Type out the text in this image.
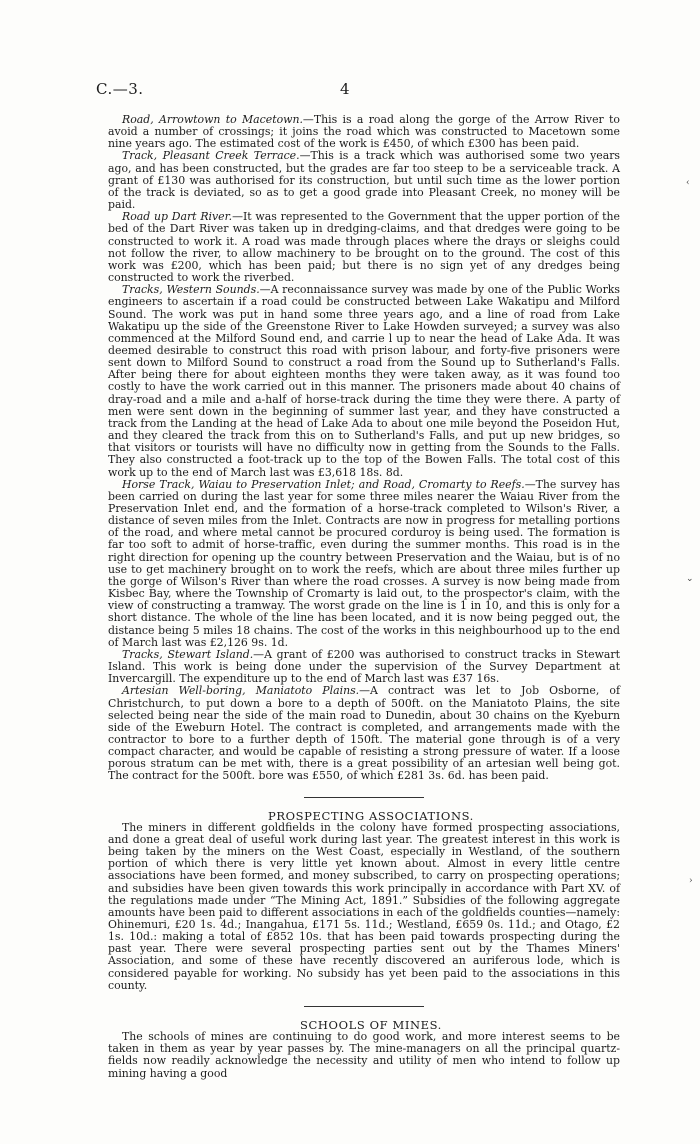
C.—3.	4

Road, Arrowtown to Macetown.—This is a road along the gorge of the Arrow River to avoid a number of crossings; it joins the road which was constructed to Macetown some nine years ago. The estimated cost of the work is £450, of which £300 has been paid.

Track, Pleasant Creek Terrace.—This is a track which was authorised some two years ago, and has been constructed, but the grades are far too steep to be a serviceable track. A grant of £130 was authorised for its construction, but until such time as the lower portion of the track is deviated, so as to get a good grade into Pleasant Creek, no money will be paid.

Road up Dart River.—It was represented to the Government that the upper portion of the bed of the Dart River was taken up in dredging-claims, and that dredges were going to be constructed to work it. A road was made through places where the drays or sleighs could not follow the river, to allow machinery to be brought on to the ground. The cost of this work was £200, which has been paid; but there is no sign yet of any dredges being constructed to work the riverbed.

Tracks, Western Sounds.—A reconnaissance survey was made by one of the Public Works engineers to ascertain if a road could be constructed between Lake Wakatipu and Milford Sound. The work was put in hand some three years ago, and a line of road from Lake Wakatipu up the side of the Greenstone River to Lake Howden surveyed; a survey was also commenced at the Milford Sound end, and carrie l up to near the head of Lake Ada. It was deemed desirable to construct this road with prison labour, and forty-five prisoners were sent down to Milford Sound to construct a road from the Sound up to Sutherland's Falls. After being there for about eighteen months they were taken away, as it was found too costly to have the work carried out in this manner. The prisoners made about 40 chains of dray-road and a mile and a-half of horse-track during the time they were there. A party of men were sent down in the beginning of summer last year, and they have constructed a track from the Landing at the head of Lake Ada to about one mile beyond the Poseidon Hut, and they cleared the track from this on to Sutherland's Falls, and put up new bridges, so that visitors or tourists will have no difficulty now in getting from the Sounds to the Falls. They also constructed a foot-track up to the top of the Bowen Falls. The total cost of this work up to the end of March last was £3,618 18s. 8d.

Horse Track, Waiau to Preservation Inlet; and Road, Cromarty to Reefs.—The survey has been carried on during the last year for some three miles nearer the Waiau River from the Preservation Inlet end, and the formation of a horse-track completed to Wilson's River, a distance of seven miles from the Inlet. Contracts are now in progress for metalling portions of the road, and where metal cannot be procured corduroy is being used. The formation is far too soft to admit of horse-traffic, even during the summer months. This road is in the right direction for opening up the country between Preservation and the Waiau, but is of no use to get machinery brought on to work the reefs, which are about three miles further up the gorge of Wilson's River than where the road crosses. A survey is now being made from Kisbec Bay, where the Township of Cromarty is laid out, to the prospector's claim, with the view of constructing a tramway. The worst grade on the line is 1 in 10, and this is only for a short distance. The whole of the line has been located, and it is now being pegged out, the distance being 5 miles 18 chains. The cost of the works in this neighbourhood up to the end of March last was £2,126 9s. 1d.

Tracks, Stewart Island.—A grant of £200 was authorised to construct tracks in Stewart Island. This work is being done under the supervision of the Survey Department at Invercargill. The expenditure up to the end of March last was £37 16s.

Artesian Well-boring, Maniatoto Plains.—A contract was let to Job Osborne, of Christchurch, to put down a bore to a depth of 500ft. on the Maniatoto Plains, the site selected being near the side of the main road to Dunedin, about 30 chains on the Kyeburn side of the Eweburn Hotel. The contract is completed, and arrangements made with the contractor to bore to a further depth of 150ft. The material gone through is of a very compact character, and would be capable of resisting a strong pressure of water. If a loose porous stratum can be met with, there is a great possibility of an artesian well being got. The contract for the 500ft. bore was £550, of which £281 3s. 6d. has been paid.

PROSPECTING ASSOCIATIONS.

The miners in different goldfields in the colony have formed prospecting associations, and done a great deal of useful work during last year. The greatest interest in this work is being taken by the miners on the West Coast, especially in Westland, of the southern portion of which there is very little yet known about. Almost in every little centre associations have been formed, and money subscribed, to carry on prospecting operations; and subsidies have been given towards this work principally in accordance with Part XV. of the regulations made under “The Mining Act, 1891.” Subsidies of the following aggregate amounts have been paid to different associations in each of the goldfields counties—namely: Ohinemuri, £20 1s. 4d.; Inangahua, £171 5s. 11d.; Westland, £659 0s. 11d.; and Otago, £2 1s. 10d.: making a total of £852 10s. that has been paid towards prospecting during the past year. There were several prospecting parties sent out by the Thames Miners' Association, and some of these have recently discovered an auriferous lode, which is considered payable for working. No subsidy has yet been paid to the associations in this county.

SCHOOLS OF MINES.

The schools of mines are continuing to do good work, and more interest seems to be taken in them as year by year passes by. The mine-managers on all the principal quartz-fields now readily acknowledge the necessity and utility of men who intend to follow up mining having a good

‹
⌄
›
